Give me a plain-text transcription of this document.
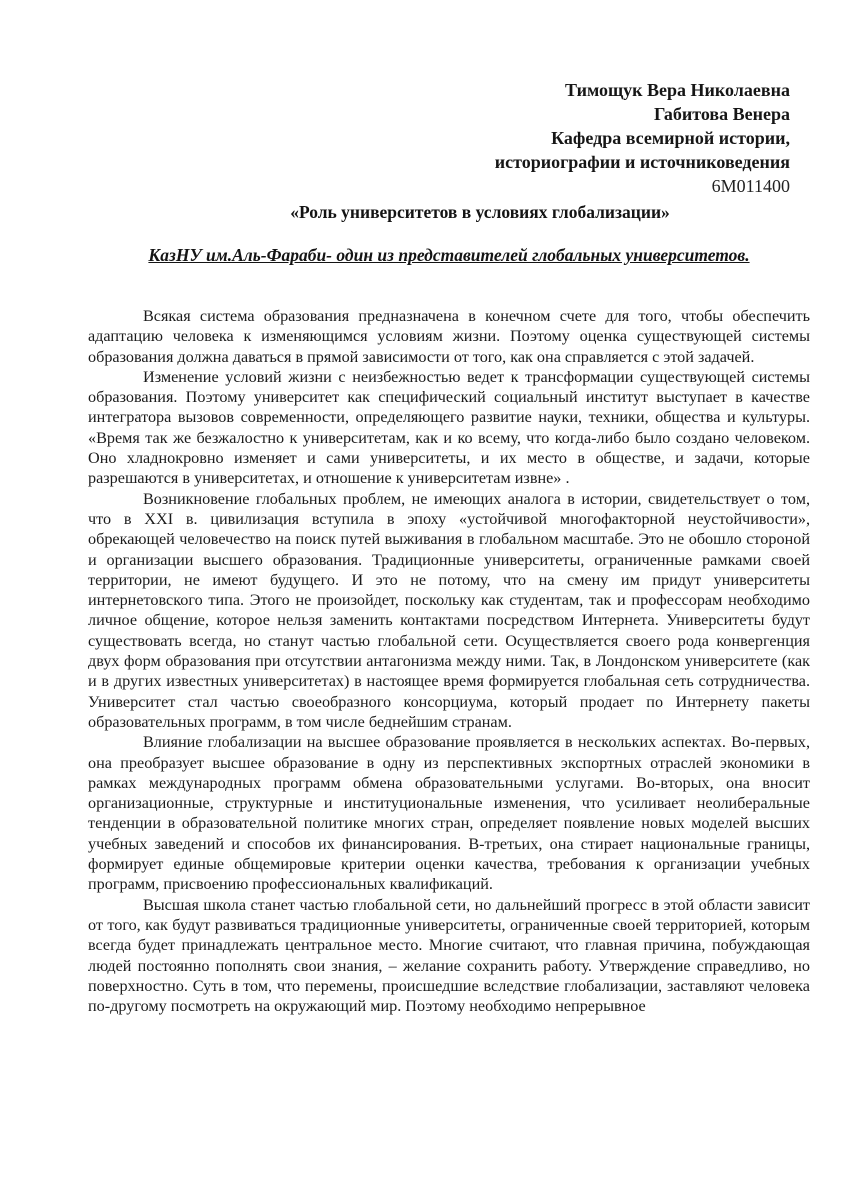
Тимощук Вера Николаевна
Габитова Венера
Кафедра всемирной истории,
историографии и источниковедения
6М011400
«Роль университетов в условиях глобализации»
КазНУ им.Аль-Фараби- один из представителей глобальных университетов.

Всякая система образования предназначена в конечном счете для того, чтобы обеспечить адаптацию человека к изменяющимся условиям жизни. Поэтому оценка существующей системы образования должна даваться в прямой зависимости от того, как она справляется с этой задачей.

Изменение условий жизни с неизбежностью ведет к трансформации существующей системы образования. Поэтому университет как специфический социальный институт выступает в качестве интегратора вызовов современности, определяющего развитие науки, техники, общества и культуры. «Время так же безжалостно к университетам, как и ко всему, что когда-либо было создано человеком. Оно хладнокровно изменяет и сами университеты, и их место в обществе, и задачи, которые разрешаются в университетах, и отношение к университетам извне» .

Возникновение глобальных проблем, не имеющих аналога в истории, свидетельствует о том, что в XXI в. цивилизация вступила в эпоху «устойчивой многофакторной неустойчивости», обрекающей человечество на поиск путей выживания в глобальном масштабе. Это не обошло стороной и организации высшего образования. Традиционные университеты, ограниченные рамками своей территории, не имеют будущего. И это не потому, что на смену им придут университеты интернетовского типа. Этого не произойдет, поскольку как студентам, так и профессорам необходимо личное общение, которое нельзя заменить контактами посредством Интернета. Университеты будут существовать всегда, но станут частью глобальной сети. Осуществляется своего рода конвергенция двух форм образования при отсутствии антагонизма между ними. Так, в Лондонском университете (как и в других известных университетах) в настоящее время формируется глобальная сеть сотрудничества. Университет стал частью своеобразного консорциума, который продает по Интернету пакеты образовательных программ, в том числе беднейшим странам.

Влияние глобализации на высшее образование проявляется в нескольких аспектах. Во-первых, она преобразует высшее образование в одну из перспективных экспортных отраслей экономики в рамках международных программ обмена образовательными услугами. Во-вторых, она вносит организационные, структурные и институциональные изменения, что усиливает неолиберальные тенденции в образовательной политике многих стран, определяет появление новых моделей высших учебных заведений и способов их финансирования. В-третьих, она стирает национальные границы, формирует единые общемировые критерии оценки качества, требования к организации учебных программ, присвоению профессиональных квалификаций.

Высшая школа станет частью глобальной сети, но дальнейший прогресс в этой области зависит от того, как будут развиваться традиционные университеты, ограниченные своей территорией, которым всегда будет принадлежать центральное место. Многие считают, что главная причина, побуждающая людей постоянно пополнять свои знания, – желание сохранить работу. Утверждение справедливо, но поверхностно. Суть в том, что перемены, происшедшие вследствие глобализации, заставляют человека по-другому посмотреть на окружающий мир. Поэтому необходимо непрерывное
